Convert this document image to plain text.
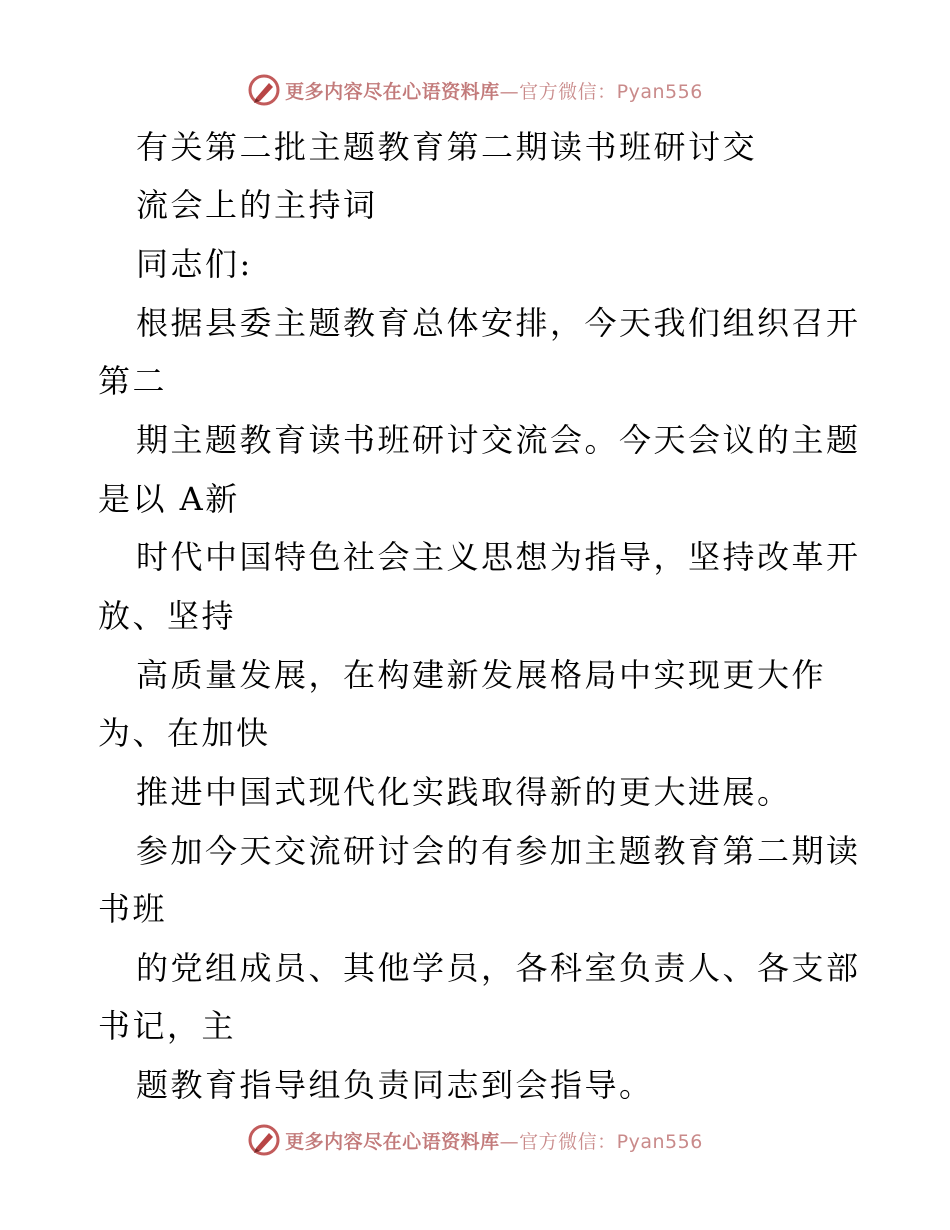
更多内容尽在心语资料库—官方微信：Pyan556
有关第二批主题教育第二期读书班研讨交
流会上的主持词
同志们:
根据县委主题教育总体安排，今天我们组织召开
第二
期主题教育读书班研讨交流会。今天会议的主题
是以 A新
时代中国特色社会主义思想为指导，坚持改革开
放、坚持
高质量发展，在构建新发展格局中实现更大作
为、在加快
推进中国式现代化实践取得新的更大进展。
参加今天交流研讨会的有参加主题教育第二期读
书班
的党组成员、其他学员，各科室负责人、各支部
书记，主
题教育指导组负责同志到会指导。
更多内容尽在心语资料库—官方微信：Pyan556
